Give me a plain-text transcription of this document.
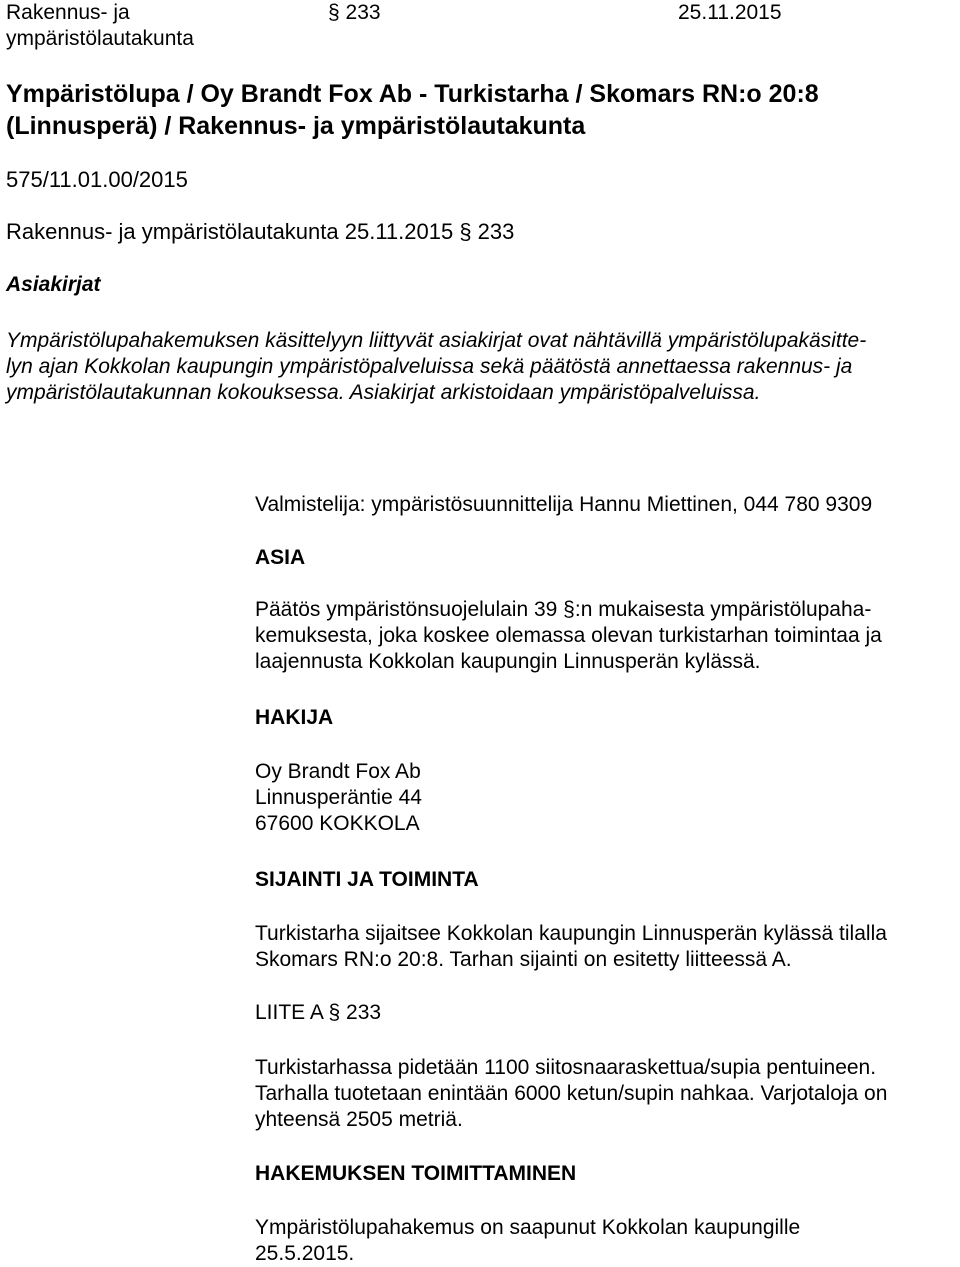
Rakennus- ja
ympäristölautakunta
§ 233	25.11.2015
Ympäristölupa / Oy Brandt Fox Ab - Turkistarha / Skomars RN:o 20:8
(Linnusperä) / Rakennus- ja ympäristölautakunta
575/11.01.00/2015
Rakennus- ja ympäristölautakunta 25.11.2015 § 233
Asiakirjat
Ympäristölupahakemuksen käsittelyyn liittyvät asiakirjat ovat nähtävillä ympäristölupakäsitte-
lyn ajan Kokkolan kaupungin ympäristöpalveluissa sekä päätöstä annettaessa rakennus- ja
ympäristölautakunnan kokouksessa. Asiakirjat arkistoidaan ympäristöpalveluissa.
Valmistelija: ympäristösuunnittelija Hannu Miettinen, 044 780 9309
ASIA
Päätös ympäristönsuojelulain 39 §:n mukaisesta ympäristölupaha-
kemuksesta, joka koskee olemassa olevan turkistarhan toimintaa ja
laajennusta Kokkolan kaupungin Linnusperän kylässä.
HAKIJA
Oy Brandt Fox Ab
Linnusperäntie 44
67600 KOKKOLA
SIJAINTI JA TOIMINTA
Turkistarha sijaitsee Kokkolan kaupungin Linnusperän kylässä tilalla
Skomars RN:o 20:8. Tarhan sijainti on esitetty liitteessä A.
LIITE A § 233
Turkistarhassa pidetään 1100 siitosnaaraskettua/supia pentuineen.
Tarhalla tuotetaan enintään 6000 ketun/supin nahkaa. Varjotaloja on
yhteensä 2505 metriä.
HAKEMUKSEN TOIMITTAMINEN
Ympäristölupahakemus on saapunut Kokkolan kaupungille
25.5.2015.
